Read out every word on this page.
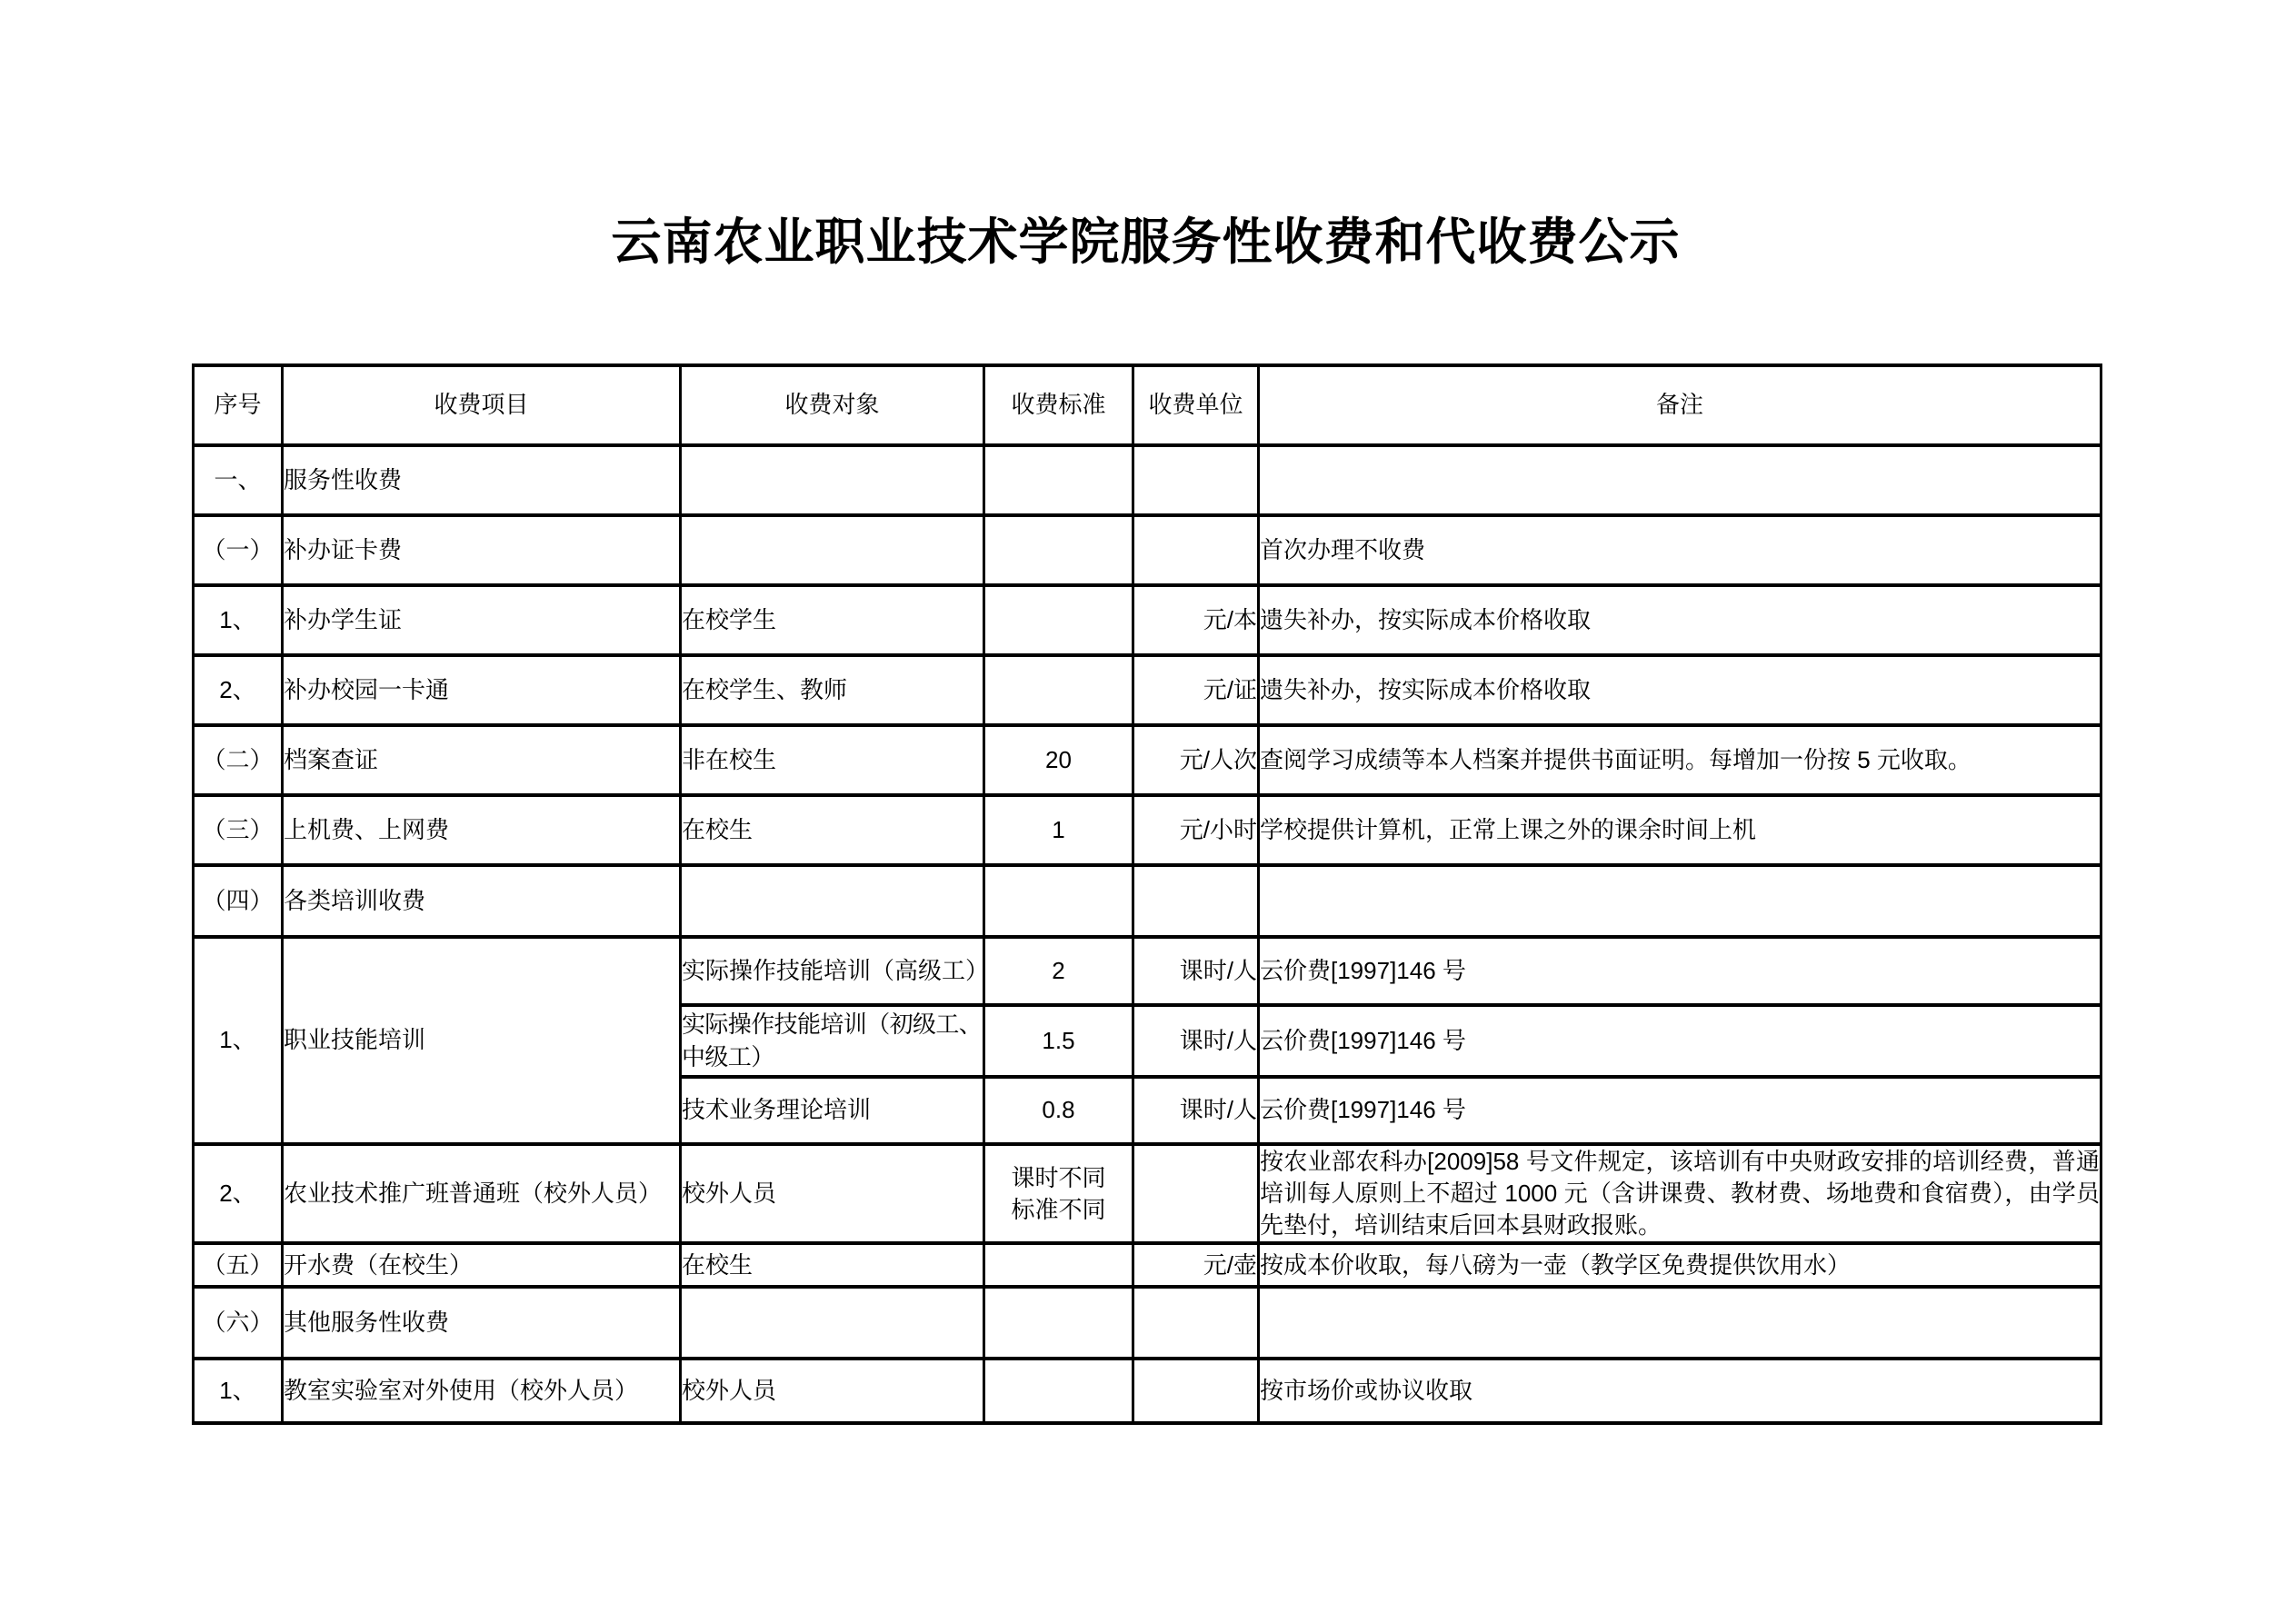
云南农业职业技术学院服务性收费和代收费公示
序号	收费项目	收费对象	收费标准	收费单位	备注
一、	服务性收费				
（一）	补办证卡费				首次办理不收费
1、	补办学生证	在校学生		元/本	遗失补办，按实际成本价格收取
2、	补办校园一卡通	在校学生、教师		元/证	遗失补办，按实际成本价格收取
（二）	档案查证	非在校生	20	元/人次	查阅学习成绩等本人档案并提供书面证明。每增加一份按 5 元收取。
（三）	上机费、上网费	在校生	1	元/小时	学校提供计算机，正常上课之外的课余时间上机
（四）	各类培训收费				
1、	职业技能培训	实际操作技能培训（高级工）	2	课时/人	云价费[1997]146 号
		实际操作技能培训（初级工、中级工）	1.5	课时/人	云价费[1997]146 号
		技术业务理论培训	0.8	课时/人	云价费[1997]146 号
2、	农业技术推广班普通班（校外人员）	校外人员	课时不同
标准不同		按农业部农科办[2009]58 号文件规定，该培训有中央财政安排的培训经费，普通培训每人原则上不超过 1000 元（含讲课费、教材费、场地费和食宿费），由学员先垫付，培训结束后回本县财政报账。
（五）	开水费（在校生）	在校生		元/壶	按成本价收取，每八磅为一壶（教学区免费提供饮用水）
（六）	其他服务性收费				
1、	教室实验室对外使用（校外人员）	校外人员			按市场价或协议收取
